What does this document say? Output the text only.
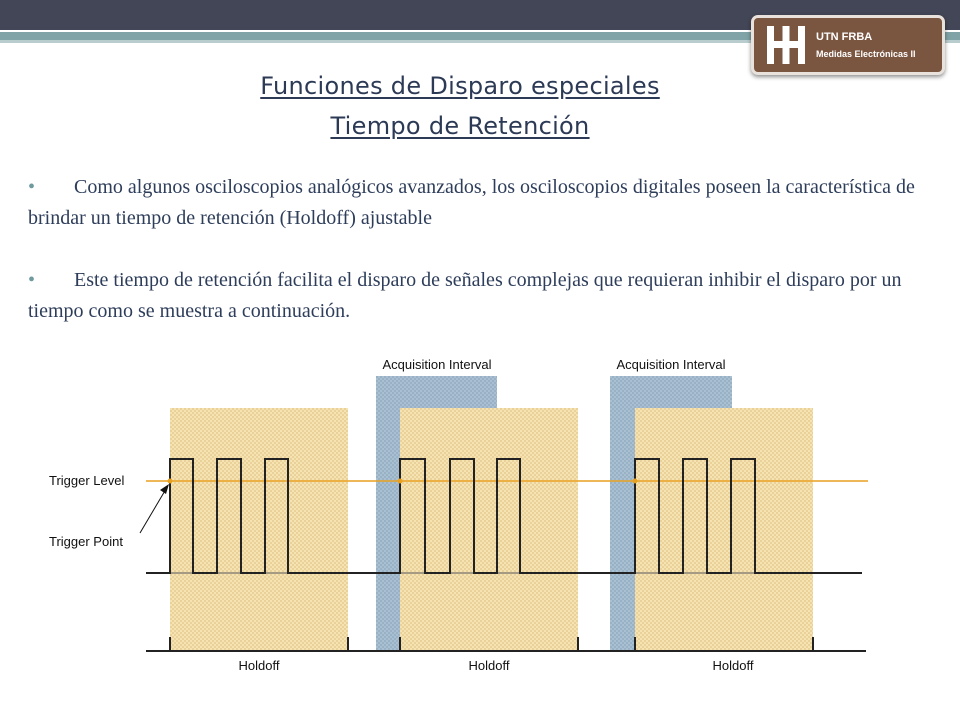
UTN FRBA
Medidas Electrónicas II
Funciones de Disparo especiales
Tiempo de Retención
• Como algunos osciloscopios analógicos avanzados, los osciloscopios digitales poseen la característica de brindar un tiempo de retención (Holdoff) ajustable
• Este tiempo de retención facilita el disparo de señales complejas que requieran inhibir el disparo por un tiempo como se muestra a continuación.
Acquisition Interval	Acquisition Interval
Trigger Level
Trigger Point
Holdoff	Holdoff	Holdoff
